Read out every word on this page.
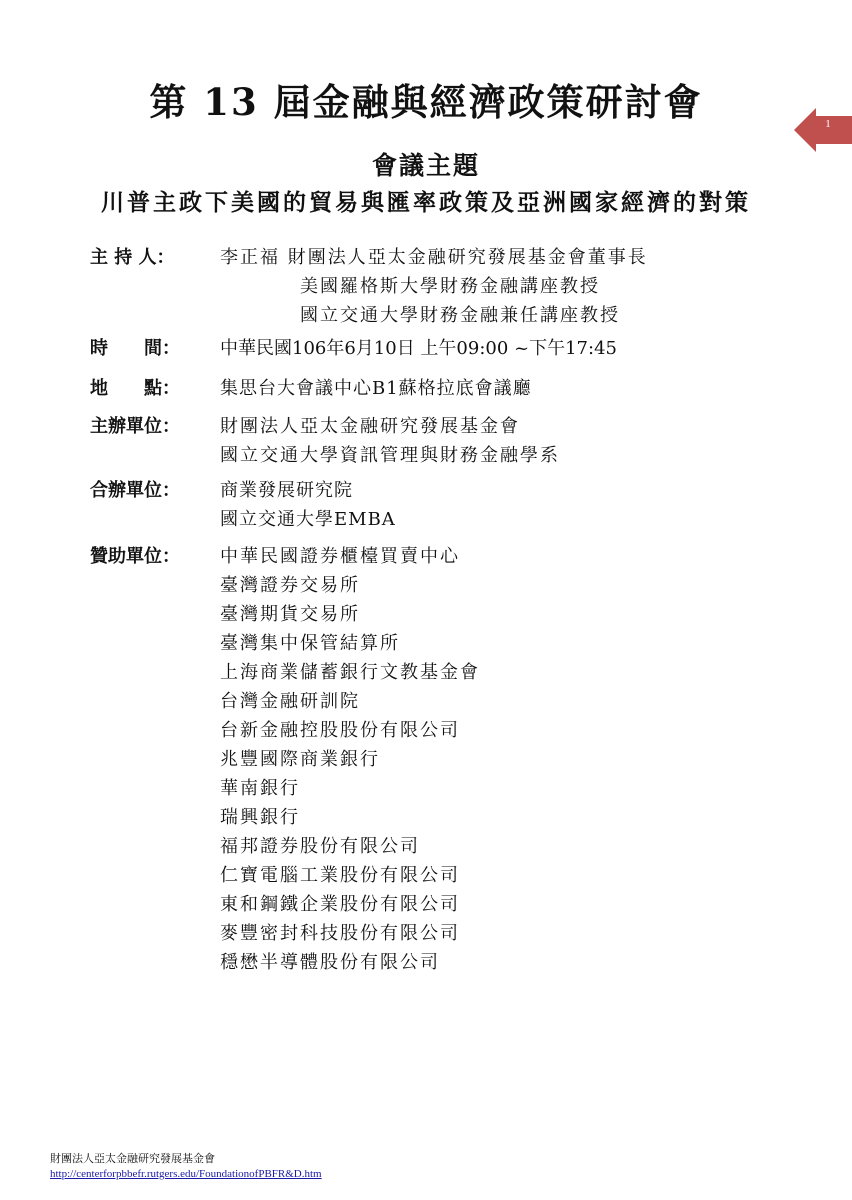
第 13 屆金融與經濟政策研討會	1
會議主題
川普主政下美國的貿易與匯率政策及亞洲國家經濟的對策
主 持 人：	李正福 財團法人亞太金融研究發展基金會董事長
美國羅格斯大學財務金融講座教授
國立交通大學財務金融兼任講座教授
時　　間： 中華民國106年6月10日 上午09:00 ~下午17:45
地　　點： 集思台大會議中心B1蘇格拉底會議廳
主辦單位： 財團法人亞太金融研究發展基金會
國立交通大學資訊管理與財務金融學系
合辦單位： 商業發展研究院
國立交通大學EMBA
贊助單位： 中華民國證券櫃檯買賣中心
臺灣證券交易所
臺灣期貨交易所
臺灣集中保管結算所
上海商業儲蓄銀行文教基金會
台灣金融研訓院
台新金融控股股份有限公司
兆豐國際商業銀行
華南銀行
瑞興銀行
福邦證券股份有限公司
仁寶電腦工業股份有限公司
東和鋼鐵企業股份有限公司
麥豐密封科技股份有限公司
穩懋半導體股份有限公司
財團法人亞太金融研究發展基金會
http://centerforpbbefr.rutgers.edu/FoundationofPBFR&D.htm
